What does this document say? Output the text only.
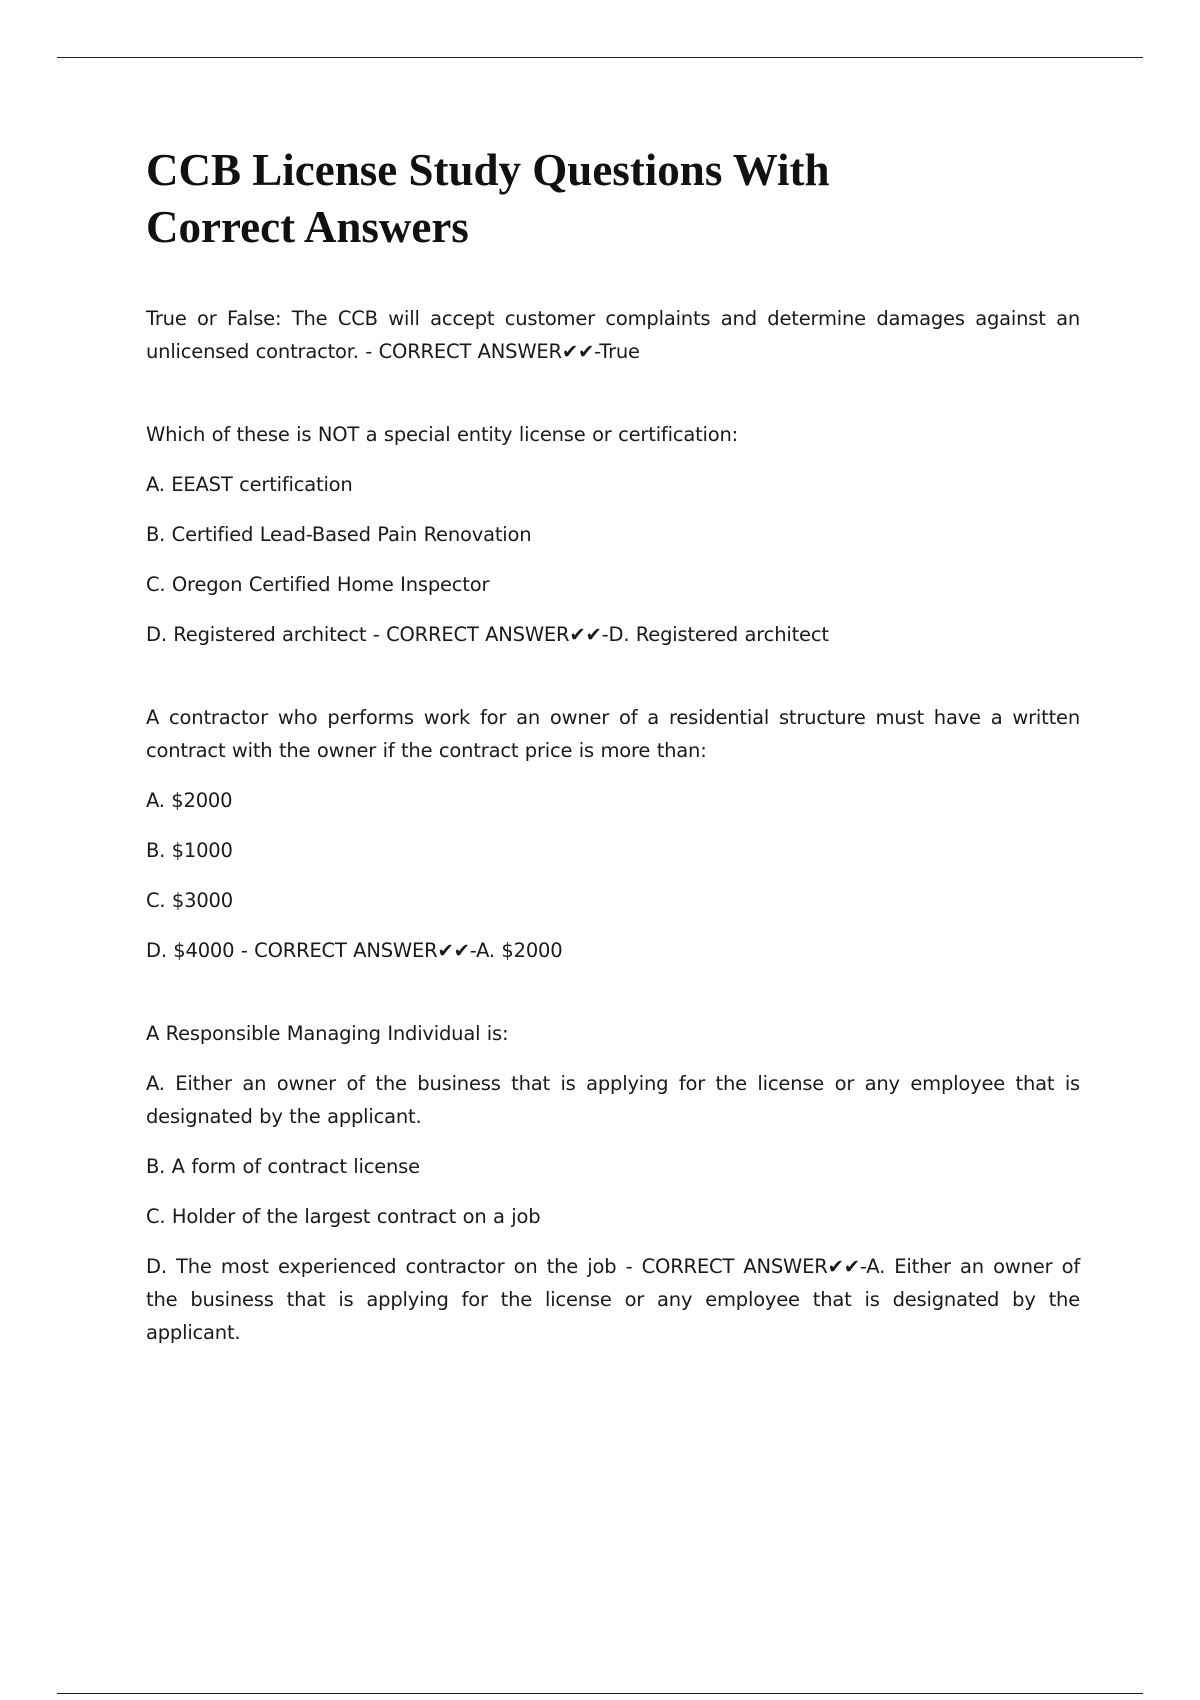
CCB License Study Questions With
Correct Answers

True or False: The CCB will accept customer complaints and determine damages against an unlicensed contractor. - CORRECT ANSWER✔✔-True

Which of these is NOT a special entity license or certification:

A. EEAST certification

B. Certified Lead-Based Pain Renovation

C. Oregon Certified Home Inspector

D. Registered architect - CORRECT ANSWER✔✔-D. Registered architect

A contractor who performs work for an owner of a residential structure must have a written contract with the owner if the contract price is more than:

A. $2000

B. $1000

C. $3000

D. $4000 - CORRECT ANSWER✔✔-A. $2000

A Responsible Managing Individual is:

A. Either an owner of the business that is applying for the license or any employee that is designated by the applicant.

B. A form of contract license

C. Holder of the largest contract on a job

D. The most experienced contractor on the job - CORRECT ANSWER✔✔-A. Either an owner of the business that is applying for the license or any employee that is designated by the applicant.
